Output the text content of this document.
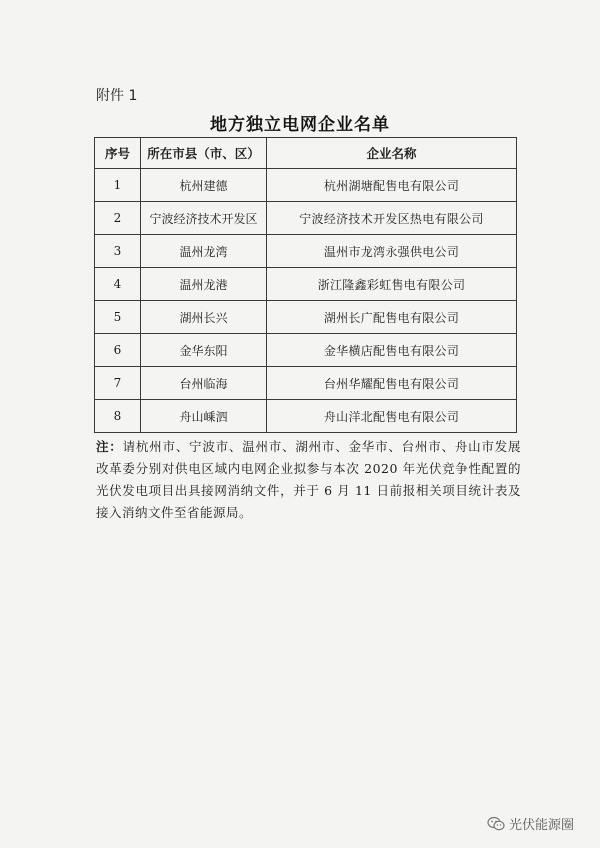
附件 1
地方独立电网企业名单
序号	所在市县（市、区）	企业名称
1	杭州建德	杭州湖塘配售电有限公司
2	宁波经济技术开发区	宁波经济技术开发区热电有限公司
3	温州龙湾	温州市龙湾永强供电公司
4	温州龙港	浙江隆鑫彩虹售电有限公司
5	湖州长兴	湖州长广配售电有限公司
6	金华东阳	金华横店配售电有限公司
7	台州临海	台州华耀配售电有限公司
8	舟山嵊泗	舟山洋北配售电有限公司
注：请杭州市、宁波市、温州市、湖州市、金华市、台州市、舟山市发展改革委分别对供电区域内电网企业拟参与本次 2020 年光伏竞争性配置的光伏发电项目出具接网消纳文件，并于 6 月 11 日前报相关项目统计表及接入消纳文件至省能源局。
光伏能源圈
